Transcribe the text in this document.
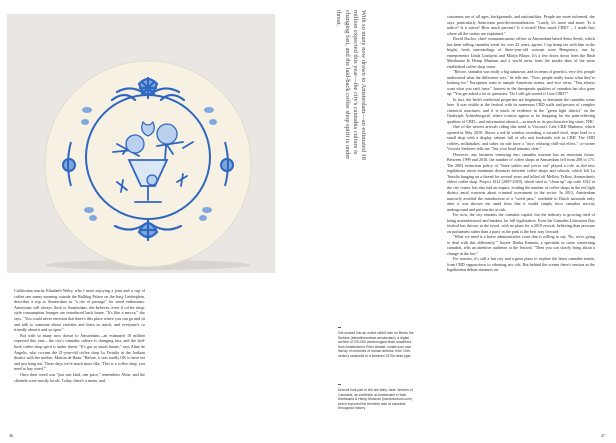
With so many now drawn to Amsterdam—an estimated 18 million expected this year—the city's cannabis culture is changing fast, and the laid-back coffee shop spirit is under threat.

Californian tourist Elizabeth Welty, who I meet enjoying a joint and a cup of coffee one sunny morning outside the Bulldog Palace on the busy Leidseplein, describes a trip to Amsterdam as "a rite of passage" for weed enthusiasts. Americans will always flock to Amsterdam, she believes, even if coffee shop-style consumption lounges are introduced back home. "It's like a mecca," she says. "You could never envision that there's this place where you can go and sit and talk to someone about varieties and learn so much, and everyone's so friendly about it and so open."

But with so many now drawn to Amsterdam—an estimated 18 million expected this year—the city's cannabis culture is changing fast, and the laid-back coffee shop spirit is under threat. "It's got so much busier," says Aline de Angelis, who co-runs the 21-year-old coffee shop La Tertulia in the Jordaan district with her mother, Marion de Haan. "Before, it was totally OK to have tea and just hang out. These days we're much more like, 'This is a coffee shop, you need to buy weed.'"

Once their weed was "just one kind, one price," remembers Aline, and the clientele were mostly locals. Today, there's a menu, and

Get sucked into an online rabbit hole on Below the Surface (belowthesurface.amsterdam), a digital archive of 700,000 archeological finds unearthed from Amsterdam's River Amstel; curate your own flat lay of centuries of human detritus, from 15th-century seashells to a flowered 1970s hash pipe.
Driscoll took part in We are Mary Jane: Women of Cannabis, an exhibition at Amsterdam's Hash Marihuana & Hemp Museum (hashmuseum.com) which explored the feminine side of cannabis throughout history.

customers are of all ages, backgrounds, and nationalities. People are more informed, she says, particularly Americans post-decriminalization. "Lately, it's more and more: 'Is it indica? Is it sativa? How much percent? Is it tested? How much CBD?' ... I made lists where all the strains are explained."

David Duclos, chief communications officer at Amsterdam-based Sensi Seeds, which has been selling cannabis seeds for over 22 years, agrees. I sip hemp tea with him in the bright, fresh surroundings of three-year-old concept store Hempstory, run by entrepreneurs Linda Lindqvist and Marijn Blauw. It's a few doors down from the Hash Marihuana & Hemp Museum and a world away from the smoke dens of the more established coffee shop scene.

"Before, cannabis was really a big unknown, and in terms of genetics, very few people understood what the difference was," he tells me. "Now, people really know what they're looking for." Europeans want to sample American strains, and vice versa. "You always want what you can't have." Interest in the therapeutic qualities of cannabis has also gone up: "You get asked a lot of questions: 'Do I still get stoned if I use CBD?'"

In fact, the herb's medicinal properties are beginning to dominate the cannabis scene here. It was visible at the festival with its numerous CBD stalls and posters of complex chemical structures, and it is much in evidence in the "green light district" on the Oudezijds Achterburgwal, where tourists appear to be shopping for the pain-relieving qualities of CBD—and information about it—as much as its psychoactive big sister, THC.

One of the newest arrivals riding this trend is Victoria's Cafe CBD Madness, which opened in May 2018. Above a red-lit window revealing a vacated stool, steps lead to a small shop with a display cabinet full of oils and foodstuffs rich in CBD. The CBD coffees, milkshakes, and cakes on sale have a "nice, relaxing chill-out effect," co-owner Victoria Szekeres tells me, "but your head remains clear."

However, any business venturing into cannabis tourism has an uncertain future. Between 1999 and 2016, the number of coffee shops in Amsterdam fell from 288 to 173. The 2003 extinction policy of "three strikes and you're out" played a role, as did new regulations about minimum distances between coffee shops and schools, which left La Tertulia hanging on a thread for several years and killed off Mellow Yellow, Amsterdam's oldest coffee shop. Project 1012 (2007-2018), which tried to "clean up" zip code 1012 in the city center, has also had an impact, eroding the number of coffee shops in the red light district amid concerns about criminal investment in the sector. In 2012, Amsterdam narrowly avoided the introduction of a "weed pass," available to Dutch nationals only, after it was thrown out amid fears that it would simply force cannabis activity underground and put tourists at risk.

For now, the city remains the cannabis capital, but the industry is growing tired of being misunderstood and hankers for full legalization. Even the Cannabis Liberation Day festival has thrown in the towel, with no plans for a 2019 revival, believing than pressure on parliament rather than a party in the park is the best way forward.

"What we need is a brave administrative court that is willing to say, 'No, we're going to deal with this differently,'" lawyer Ilonka Kamara, a specialist in cases concerning cannabis, tells an attentive audience at the festival. "Then you can slowly bring about a change in the law."

For tourists, it's still a fun city and a great place to explore the latest cannabis trends, from CBD cappuccinos to vibrating sex oils. But behind the scenes there's tension as the legalization debate simmers on.

46	47
